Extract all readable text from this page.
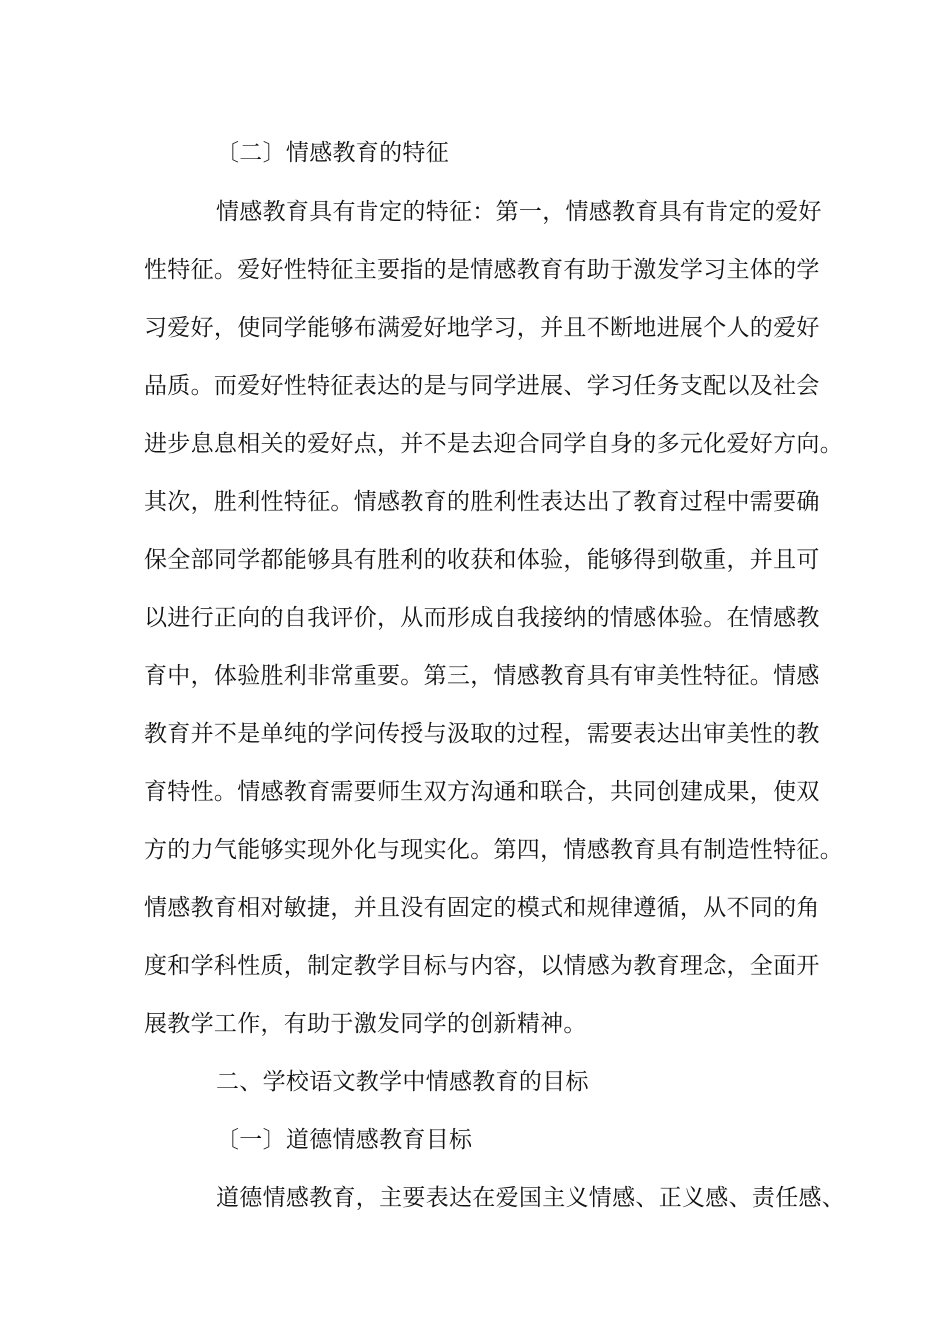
〔二〕情感教育的特征
情感教育具有肯定的特征：第一，情感教育具有肯定的爱好
性特征。爱好性特征主要指的是情感教育有助于激发学习主体的学
习爱好，使同学能够布满爱好地学习，并且不断地进展个人的爱好
品质。而爱好性特征表达的是与同学进展、学习任务支配以及社会
进步息息相关的爱好点，并不是去迎合同学自身的多元化爱好方向。
其次，胜利性特征。情感教育的胜利性表达出了教育过程中需要确
保全部同学都能够具有胜利的收获和体验，能够得到敬重，并且可
以进行正向的自我评价，从而形成自我接纳的情感体验。在情感教
育中，体验胜利非常重要。第三，情感教育具有审美性特征。情感
教育并不是单纯的学问传授与汲取的过程，需要表达出审美性的教
育特性。情感教育需要师生双方沟通和联合，共同创建成果，使双
方的力气能够实现外化与现实化。第四，情感教育具有制造性特征。
情感教育相对敏捷，并且没有固定的模式和规律遵循，从不同的角
度和学科性质，制定教学目标与内容，以情感为教育理念，全面开
展教学工作，有助于激发同学的创新精神。
二、学校语文教学中情感教育的目标
〔一〕道德情感教育目标
道德情感教育，主要表达在爱国主义情感、正义感、责任感、
